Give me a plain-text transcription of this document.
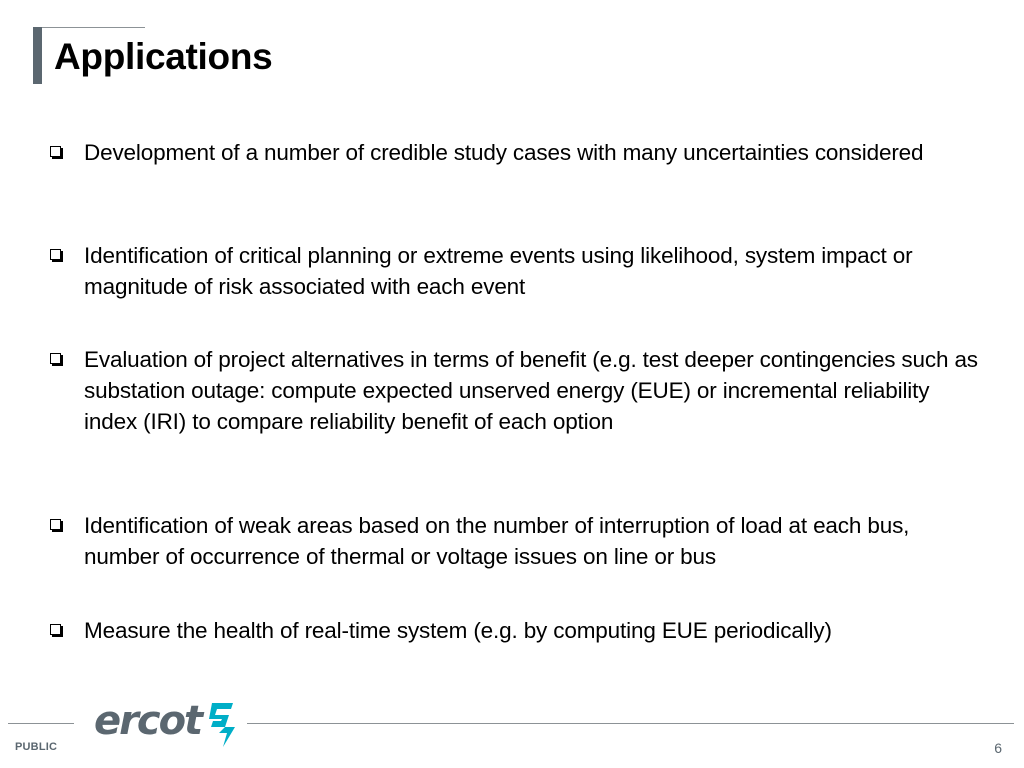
Applications
Development of a number of credible study cases with many uncertainties considered
Identification of critical planning or extreme events using likelihood, system impact or magnitude of risk associated with each event
Evaluation of project alternatives in terms of benefit (e.g. test deeper contingencies such as substation outage: compute expected unserved energy (EUE) or incremental reliability index (IRI) to compare reliability benefit of each option
Identification of weak areas based on the number of interruption of load at each bus, number of occurrence of thermal or voltage issues on line or bus
Measure the health of real-time system (e.g. by computing EUE periodically)
ercot
PUBLIC	6
